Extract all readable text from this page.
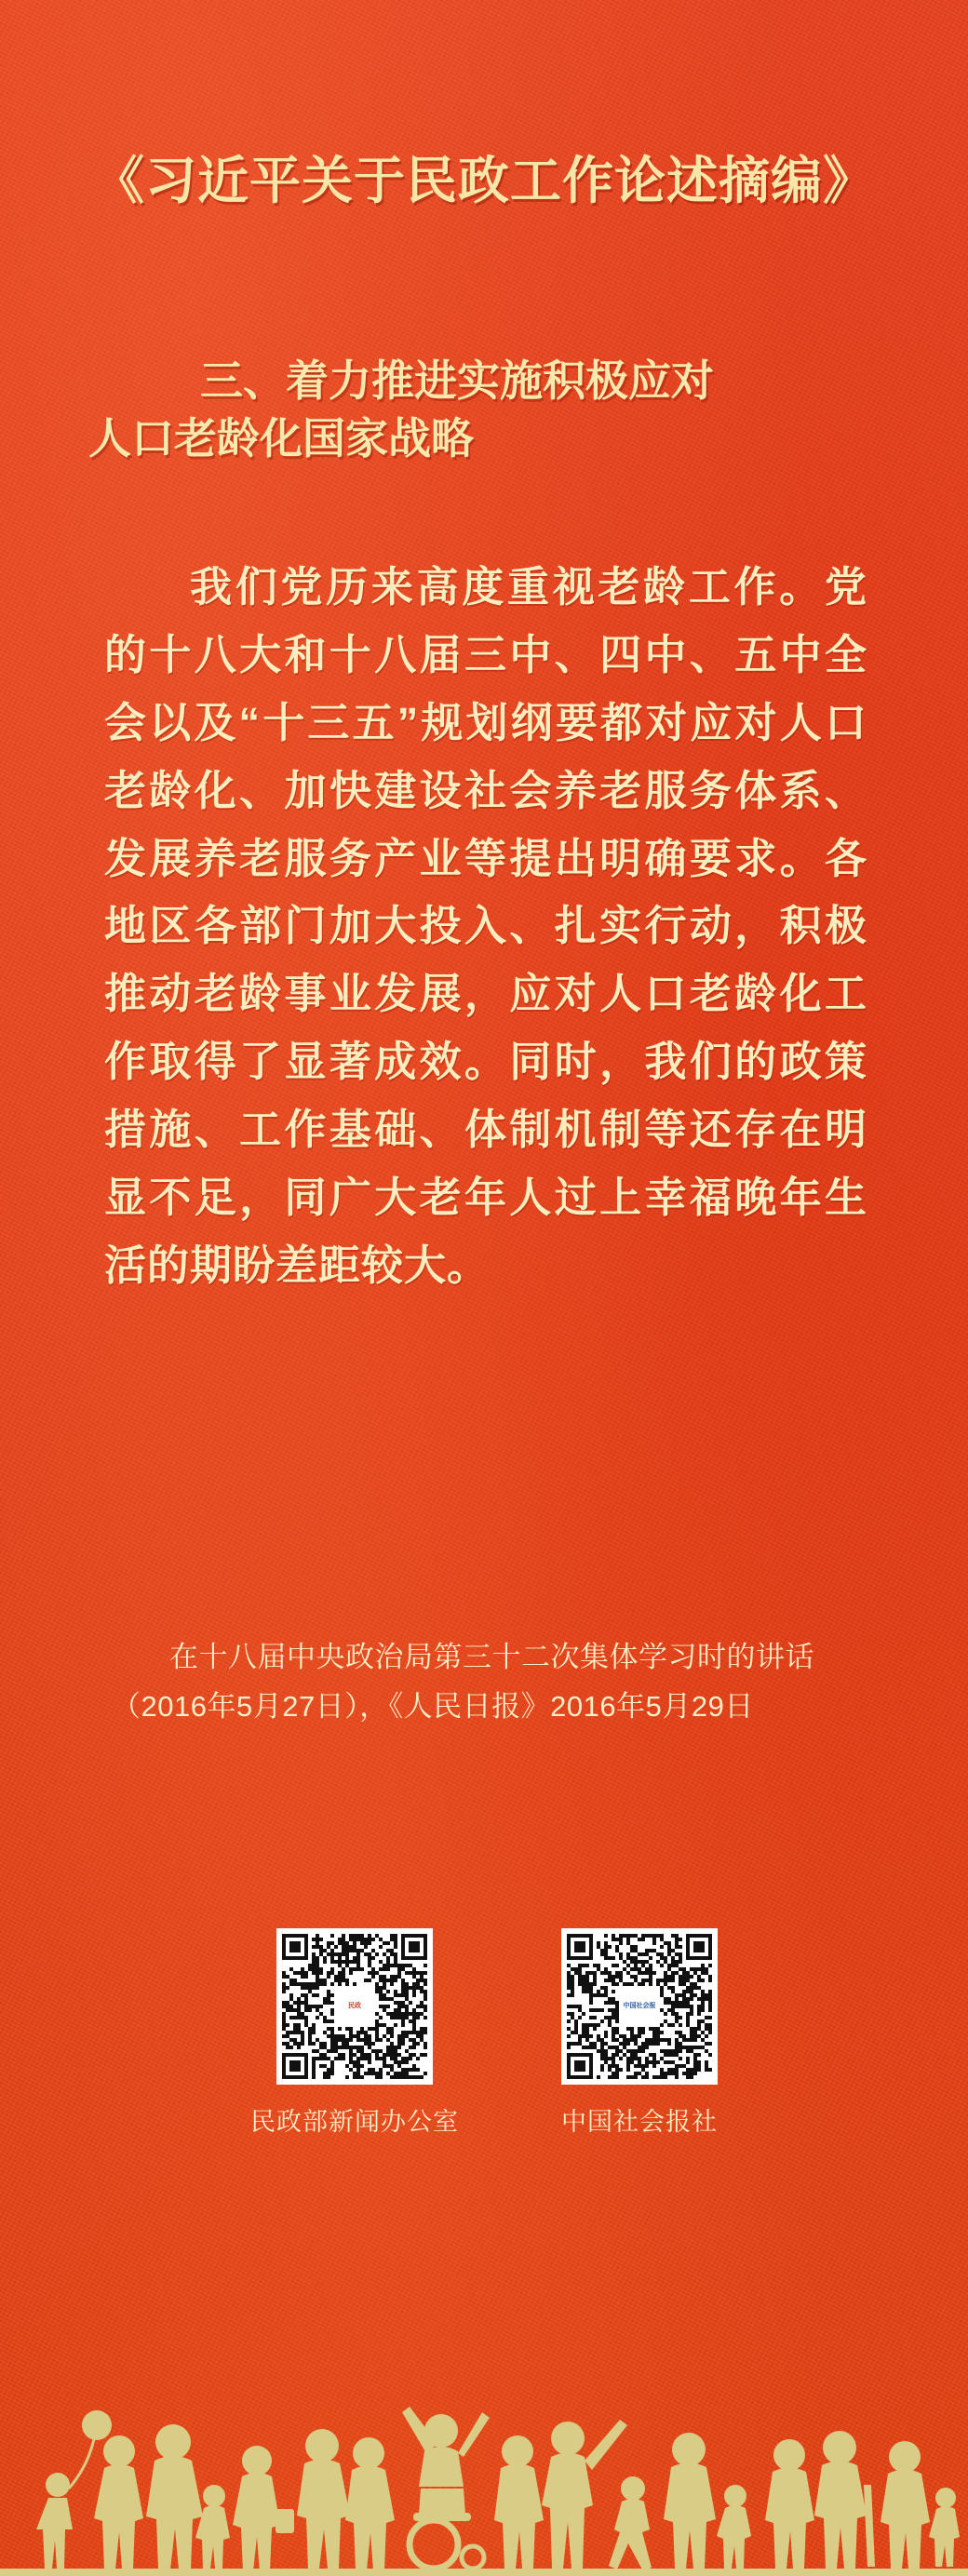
《习近平关于民政工作论述摘编》
三、着力推进实施积极应对
人口老龄化国家战略
我们党历来高度重视老龄工作。党的十八大和十八届三中、四中、五中全会以及“十三五”规划纲要都对应对人口老龄化、加快建设社会养老服务体系、发展养老服务产业等提出明确要求。各地区各部门加大投入、扎实行动，积极推动老龄事业发展，应对人口老龄化工作取得了显著成效。同时，我们的政策措施、工作基础、体制机制等还存在明显不足，同广大老年人过上幸福晚年生活的期盼差距较大。
在十八届中央政治局第三十二次集体学习时的讲话（2016年5月27日），《人民日报》2016年5月29日
民政
民政部新闻办公室
中国社会报
中国社会报社
